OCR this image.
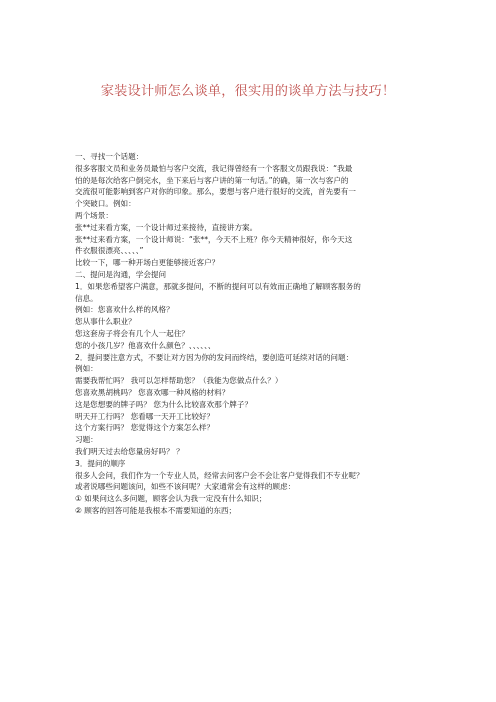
家装设计师怎么谈单，很实用的谈单方法与技巧！
一、寻找一个话题：
很多客服文员和业务员最怕与客户交流，我记得曾经有一个客服文员跟我说：“我最
怕的是每次给客户倒完水，坐下来后与客户讲的第一句话。”的确，第一次与客户的
交流很可能影响到客户对你的印象。那么，要想与客户进行很好的交流，首先要有一
个突破口。例如：
两个场景：
张**过来看方案，一个设计师过来接待，直接讲方案。
张**过来看方案，一个设计师说：“张**，今天不上班？你今天精神很好，你今天这
件衣服很漂亮、、、、、”
比较一下，哪一种开场白更能够接近客户？
二、提问是沟通，学会提问
1．如果您希望客户满意，那就多提问，不断的提问可以有效而正确地了解顾客服务的
信息。
例如：您喜欢什么样的风格？
您从事什么职业？
您这套房子将会有几个人一起住？
您的小孩几岁？他喜欢什么颜色？、、、、、、
2．提问要注意方式，不要让对方因为你的发问而终结，要创造可延续对话的问题：
例如：
需要我帮忙吗？ 我可以怎样帮助您？（我能为您做点什么？）
您喜欢黑胡桃吗？ 您喜欢哪一种风格的材料？
这是您想要的牌子吗？ 您为什么比较喜欢那个牌子？
明天开工行吗？ 您看哪一天开工比较好？
这个方案行吗？ 您觉得这个方案怎么样？
习题：
我们明天过去给您量房好吗？ ？
3．提问的顺序
很多人会问，我们作为一个专业人员，经常去问客户会不会让客户觉得我们不专业呢？
或者说哪些问题该问，如些不该问呢？大家通常会有这样的顾虑：
① 如果问这么多问题，顾客会认为我一定没有什么知识；
② 顾客的回答可能是我根本不需要知道的东西；
